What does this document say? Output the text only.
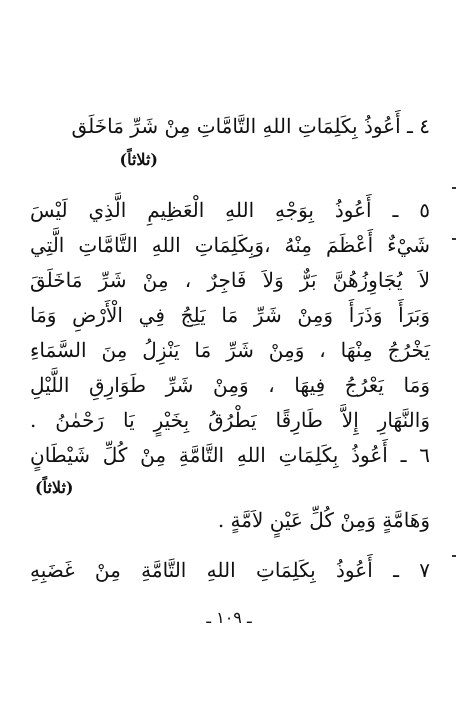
٤ ـ أَعُوذُ بِكَلِمَاتِ اللهِ التَّامَّاتِ مِنْ شَرِّ مَاخَلَق
(ثلاثاً)
٥ ـ أَعُوذُ بِوَجْهِ اللهِ الْعَظِيمِ الَّذِي لَيْسَ
شَيْءٌ أَعْظَمَ مِنْهُ ،وَبِكَلِمَاتِ اللهِ التَّامَّاتِ الَّتِي
لاَ يُجَاوِزُهُنَّ بَرٌّ وَلاَ فَاجِرٌ ، مِنْ شَرِّ مَاخَلَقَ
وَبَرَأَ وَذَرَأَ وَمِنْ شَرِّ مَا يَلِجُ فِي الْأَرْضِ وَمَا
يَخْرُجُ مِنْهَا ، وَمِنْ شَرِّ مَا يَنْزِلُ مِنَ السَّمَاءِ
وَمَا يَعْرُجُ فِيهَا ، وَمِنْ شَرِّ طَوَارِقِ اللَّيْلِ
وَالنَّهَارِ إِلاَّ طَارِقًا يَطْرُقُ بِخَيْرٍ يَا رَحْمٰنُ .
٦ ـ أَعُوذُ بِكَلِمَاتِ اللهِ التَّامَّةِ مِنْ كُلِّ شَيْطَانٍ
(ثلاثاً)
وَهَامَّةٍ وَمِنْ كُلِّ عَيْنٍ لاَمَّةٍ .
٧ ـ أَعُوذُ بِكَلِمَاتِ اللهِ التَّامَّةِ مِنْ غَضَبِهِ
ـ ١٠٩ ـ
